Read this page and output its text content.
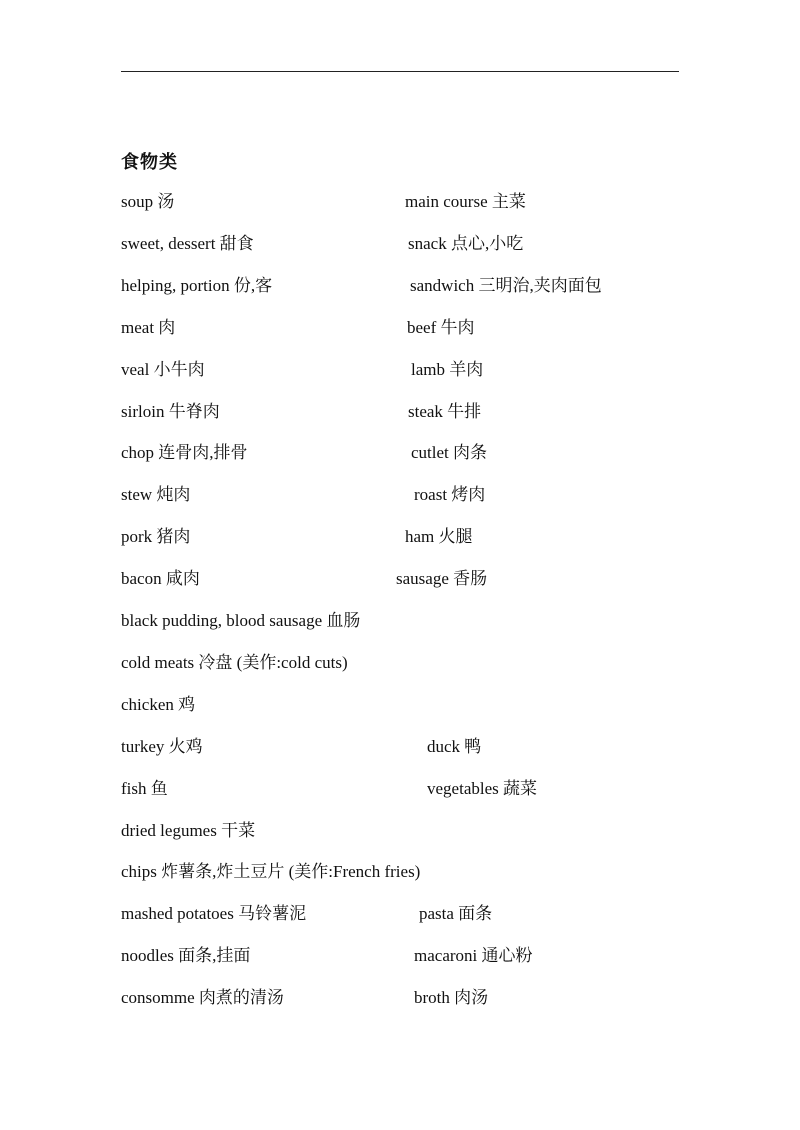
食物类
soup 汤	main course 主菜
sweet, dessert 甜食	snack 点心,小吃
helping, portion 份,客	sandwich 三明治,夹肉面包
meat 肉	beef 牛肉
veal 小牛肉	lamb 羊肉
sirloin 牛脊肉	steak 牛排
chop 连骨肉,排骨	cutlet 肉条
stew 炖肉	roast 烤肉
pork 猪肉	ham 火腿
bacon 咸肉	sausage 香肠
black pudding, blood sausage 血肠
cold meats 冷盘 (美作:cold cuts)
chicken 鸡
turkey 火鸡	duck 鸭
fish 鱼	vegetables 蔬菜
dried legumes 干菜
chips 炸薯条,炸土豆片 (美作:French fries)
mashed potatoes 马铃薯泥	pasta 面条
noodles 面条,挂面	macaroni 通心粉
consomme 肉煮的清汤	broth 肉汤
